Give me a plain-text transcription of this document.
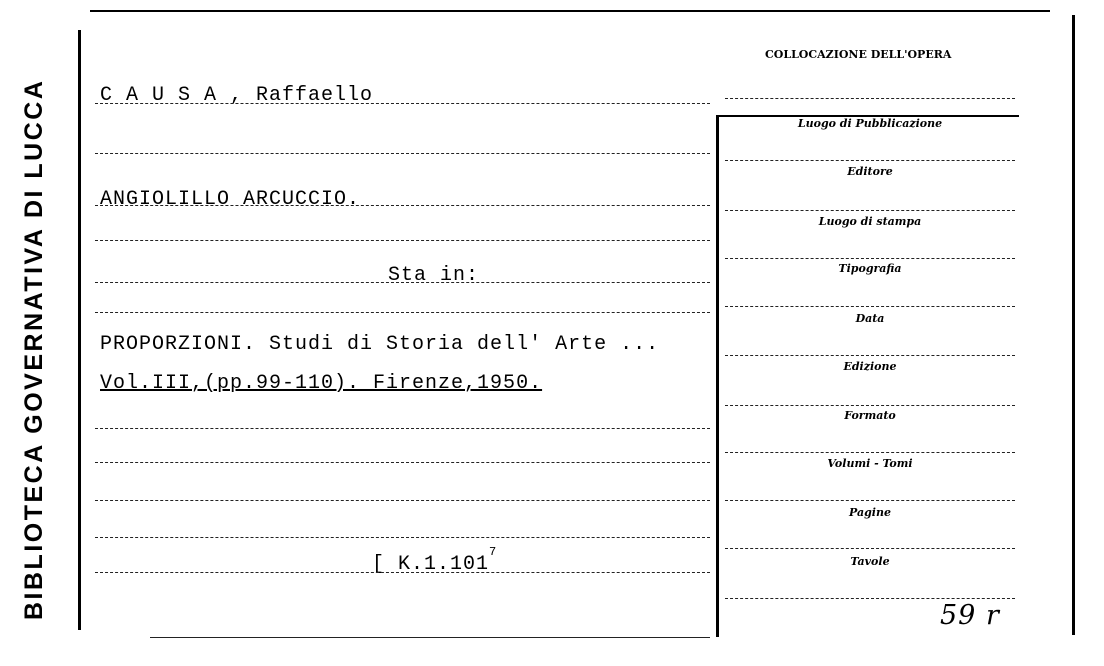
BIBLIOTECA GOVERNATIVA DI LUCCA
COLLOCAZIONE DELL'OPERA
C A U S A , Raffaello
ANGIOLILLO ARCUCCIO.
Sta in:
PROPORZIONI. Studi di Storia dell' Arte ...
Vol.III,(pp.99-110). Firenze,1950.
[ K.1.101$^7$
Luogo di Pubblicazione
Editore
Luogo di stampa
Tipografia
Data
Edizione
Formato
Volumi - Tomi
Pagine
Tavole
59 r
